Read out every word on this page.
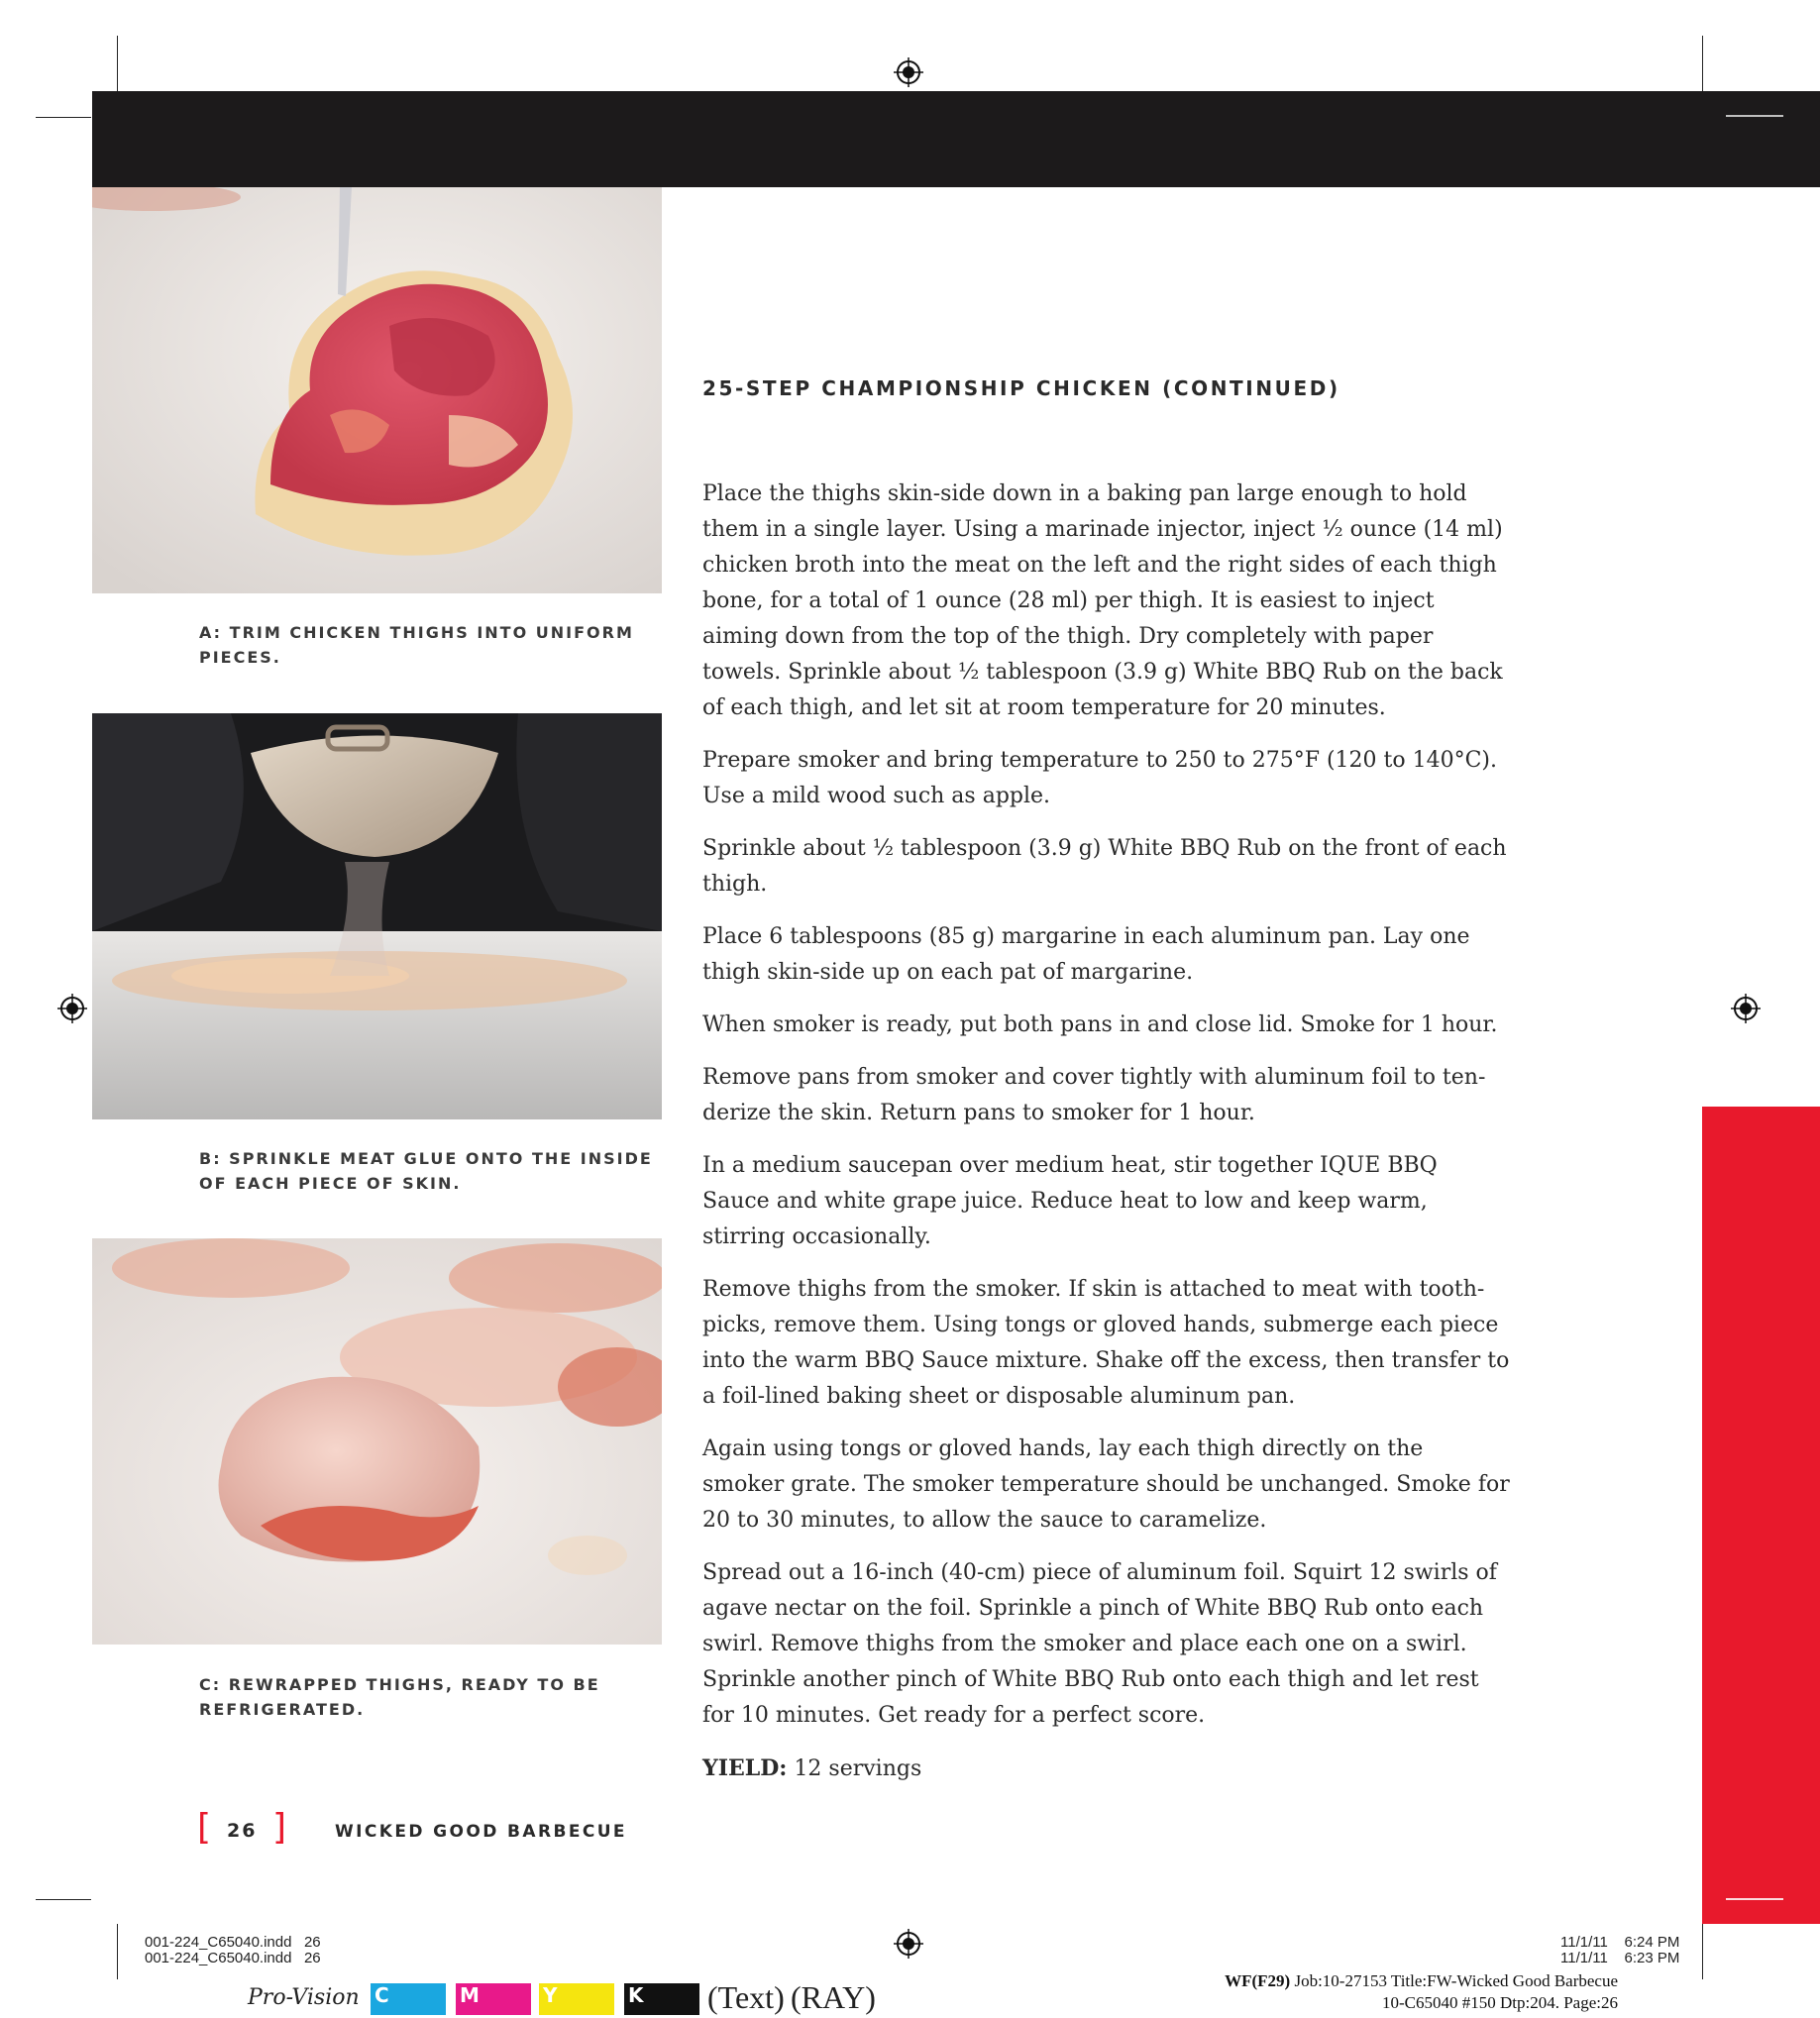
A: TRIM CHICKEN THIGHS INTO UNIFORM PIECES.
B: SPRINKLE MEAT GLUE ONTO THE INSIDE OF EACH PIECE OF SKIN.
C: REWRAPPED THIGHS, READY TO BE REFRIGERATED.
25-STEP CHAMPIONSHIP CHICKEN (CONTINUED)

Place the thighs skin-side down in a baking pan large enough to hold them in a single layer. Using a marinade injector, inject ¹⁄₂ ounce (14 ml) chicken broth into the meat on the left and the right sides of each thigh bone, for a total of 1 ounce (28 ml) per thigh. It is easiest to inject aiming down from the top of the thigh. Dry completely with paper towels. Sprinkle about ½ tablespoon (3.9 g) White BBQ Rub on the back of each thigh, and let sit at room temperature for 20 minutes.

Prepare smoker and bring temperature to 250 to 275°F (120 to 140°C). Use a mild wood such as apple.

Sprinkle about ½ tablespoon (3.9 g) White BBQ Rub on the front of each thigh.

Place 6 tablespoons (85 g) margarine in each aluminum pan. Lay one thigh skin-side up on each pat of margarine.

When smoker is ready, put both pans in and close lid. Smoke for 1 hour.

Remove pans from smoker and cover tightly with aluminum foil to ten- derize the skin. Return pans to smoker for 1 hour.

In a medium saucepan over medium heat, stir together IQUE BBQ Sauce and white grape juice. Reduce heat to low and keep warm, stirring occasionally.

Remove thighs from the smoker. If skin is attached to meat with tooth- picks, remove them. Using tongs or gloved hands, submerge each piece into the warm BBQ Sauce mixture. Shake off the excess, then transfer to a foil-lined baking sheet or disposable aluminum pan.

Again using tongs or gloved hands, lay each thigh directly on the smoker grate. The smoker temperature should be unchanged. Smoke for 20 to 30 minutes, to allow the sauce to caramelize.

Spread out a 16-inch (40-cm) piece of aluminum foil. Squirt 12 swirls of agave nectar on the foil. Sprinkle a pinch of White BBQ Rub onto each swirl. Remove thighs from the smoker and place each one on a swirl. Sprinkle another pinch of White BBQ Rub onto each thigh and let rest for 10 minutes. Get ready for a perfect score.

YIELD: 12 servings

[ 26 ]	WICKED GOOD BARBECUE
001-224_C65040.indd   26
001-224_C65040.indd   26
11/1/11    6:24 PM
11/1/11    6:23 PM
Pro-Vision C	M	Y	K (Text) (RAY)	WF(F29) Job:10-27153 Title:FW-Wicked Good Barbecue
10-C65040 #150 Dtp:204. Page:26
